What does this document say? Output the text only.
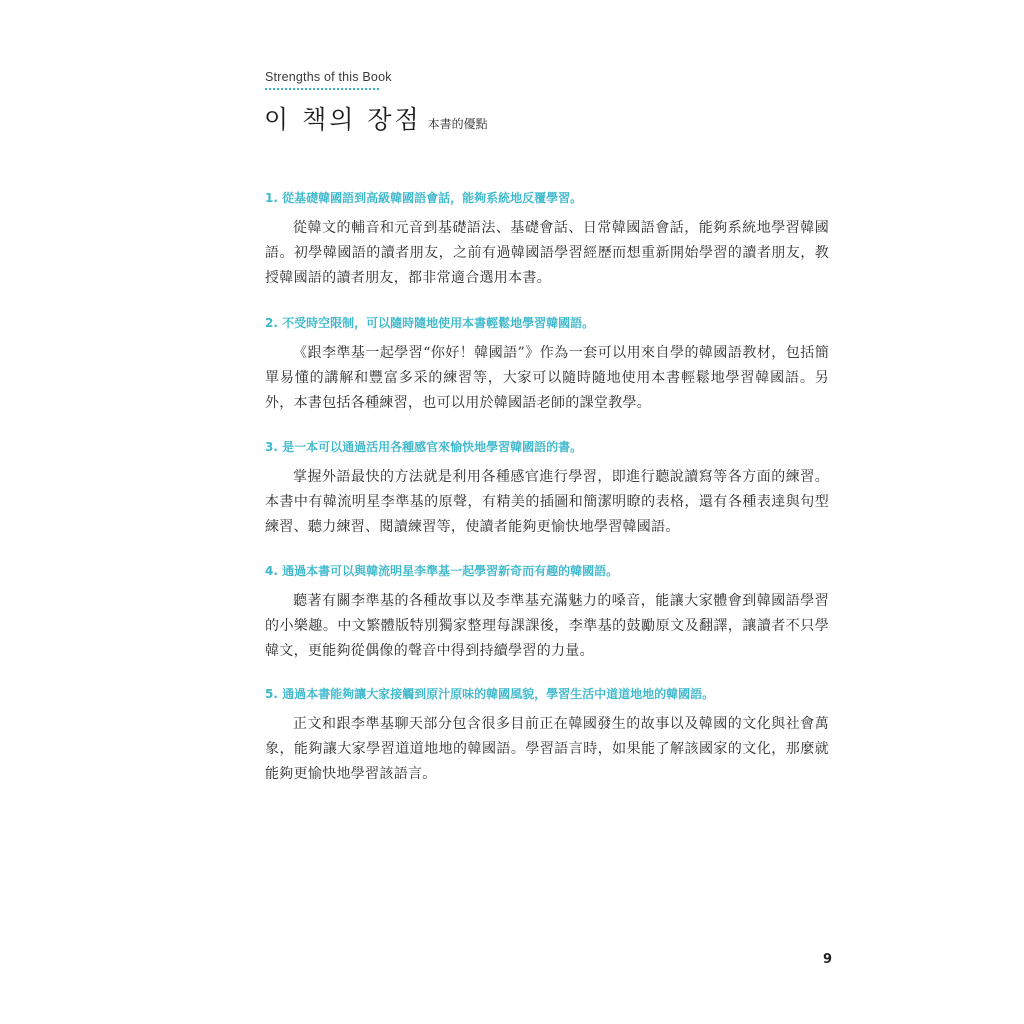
Strengths of this Book
이 책의 장점 本書的優點
1. 從基礎韓國語到高級韓國語會話，能夠系統地反覆學習。
從韓文的輔音和元音到基礎語法、基礎會話、日常韓國語會話，能夠系統地學習韓國語。初學韓國語的讀者朋友，之前有過韓國語學習經歷而想重新開始學習的讀者朋友，教授韓國語的讀者朋友，都非常適合選用本書。
2. 不受時空限制，可以隨時隨地使用本書輕鬆地學習韓國語。
《跟李準基一起學習“你好！韓國語”》作為一套可以用來自學的韓國語教材，包括簡單易懂的講解和豐富多采的練習等，大家可以隨時隨地使用本書輕鬆地學習韓國語。另外，本書包括各種練習，也可以用於韓國語老師的課堂教學。
3. 是一本可以通過活用各種感官來愉快地學習韓國語的書。
掌握外語最快的方法就是利用各種感官進行學習，即進行聽說讀寫等各方面的練習。本書中有韓流明星李準基的原聲，有精美的插圖和簡潔明瞭的表格，還有各種表達與句型練習、聽力練習、閱讀練習等，使讀者能夠更愉快地學習韓國語。
4. 通過本書可以與韓流明星李準基一起學習新奇而有趣的韓國語。
聽著有關李準基的各種故事以及李準基充滿魅力的嗓音，能讓大家體會到韓國語學習的小樂趣。中文繁體版特別獨家整理每課課後，李準基的鼓勵原文及翻譯，讓讀者不只學韓文，更能夠從偶像的聲音中得到持續學習的力量。
5. 通過本書能夠讓大家接觸到原汁原味的韓國風貌，學習生活中道道地地的韓國語。
正文和跟李準基聊天部分包含很多目前正在韓國發生的故事以及韓國的文化與社會萬象，能夠讓大家學習道道地地的韓國語。學習語言時，如果能了解該國家的文化，那麼就能夠更愉快地學習該語言。
9
